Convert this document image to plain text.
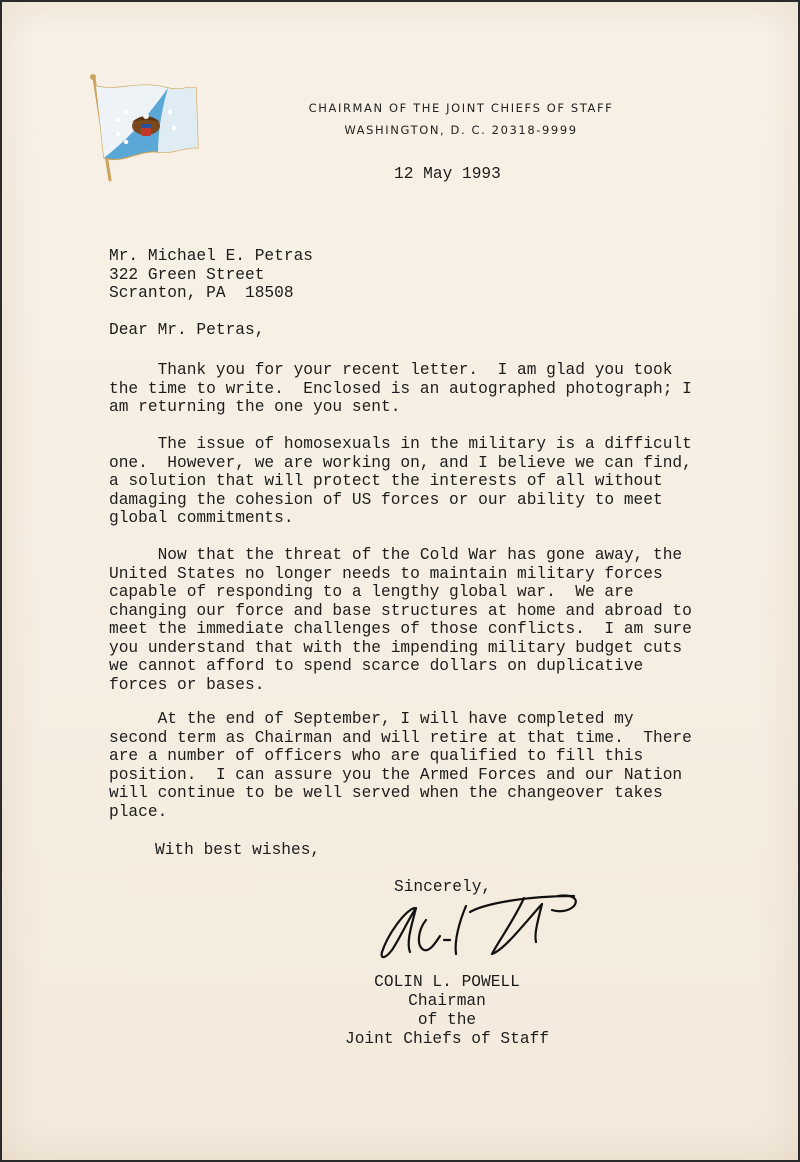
CHAIRMAN OF THE JOINT CHIEFS OF STAFF
WASHINGTON, D. C. 20318-9999
12 May 1993
Mr. Michael E. Petras
322 Green Street
Scranton, PA  18508
Dear Mr. Petras,
Thank you for your recent letter.  I am glad you took
the time to write.  Enclosed is an autographed photograph; I
am returning the one you sent.
The issue of homosexuals in the military is a difficult
one.  However, we are working on, and I believe we can find,
a solution that will protect the interests of all without
damaging the cohesion of US forces or our ability to meet
global commitments.
Now that the threat of the Cold War has gone away, the
United States no longer needs to maintain military forces
capable of responding to a lengthy global war.  We are
changing our force and base structures at home and abroad to
meet the immediate challenges of those conflicts.  I am sure
you understand that with the impending military budget cuts
we cannot afford to spend scarce dollars on duplicative
forces or bases.
At the end of September, I will have completed my
second term as Chairman and will retire at that time.  There
are a number of officers who are qualified to fill this
position.  I can assure you the Armed Forces and our Nation
will continue to be well served when the changeover takes
place.
With best wishes,
Sincerely,
COLIN L. POWELL
Chairman
of the
Joint Chiefs of Staff
